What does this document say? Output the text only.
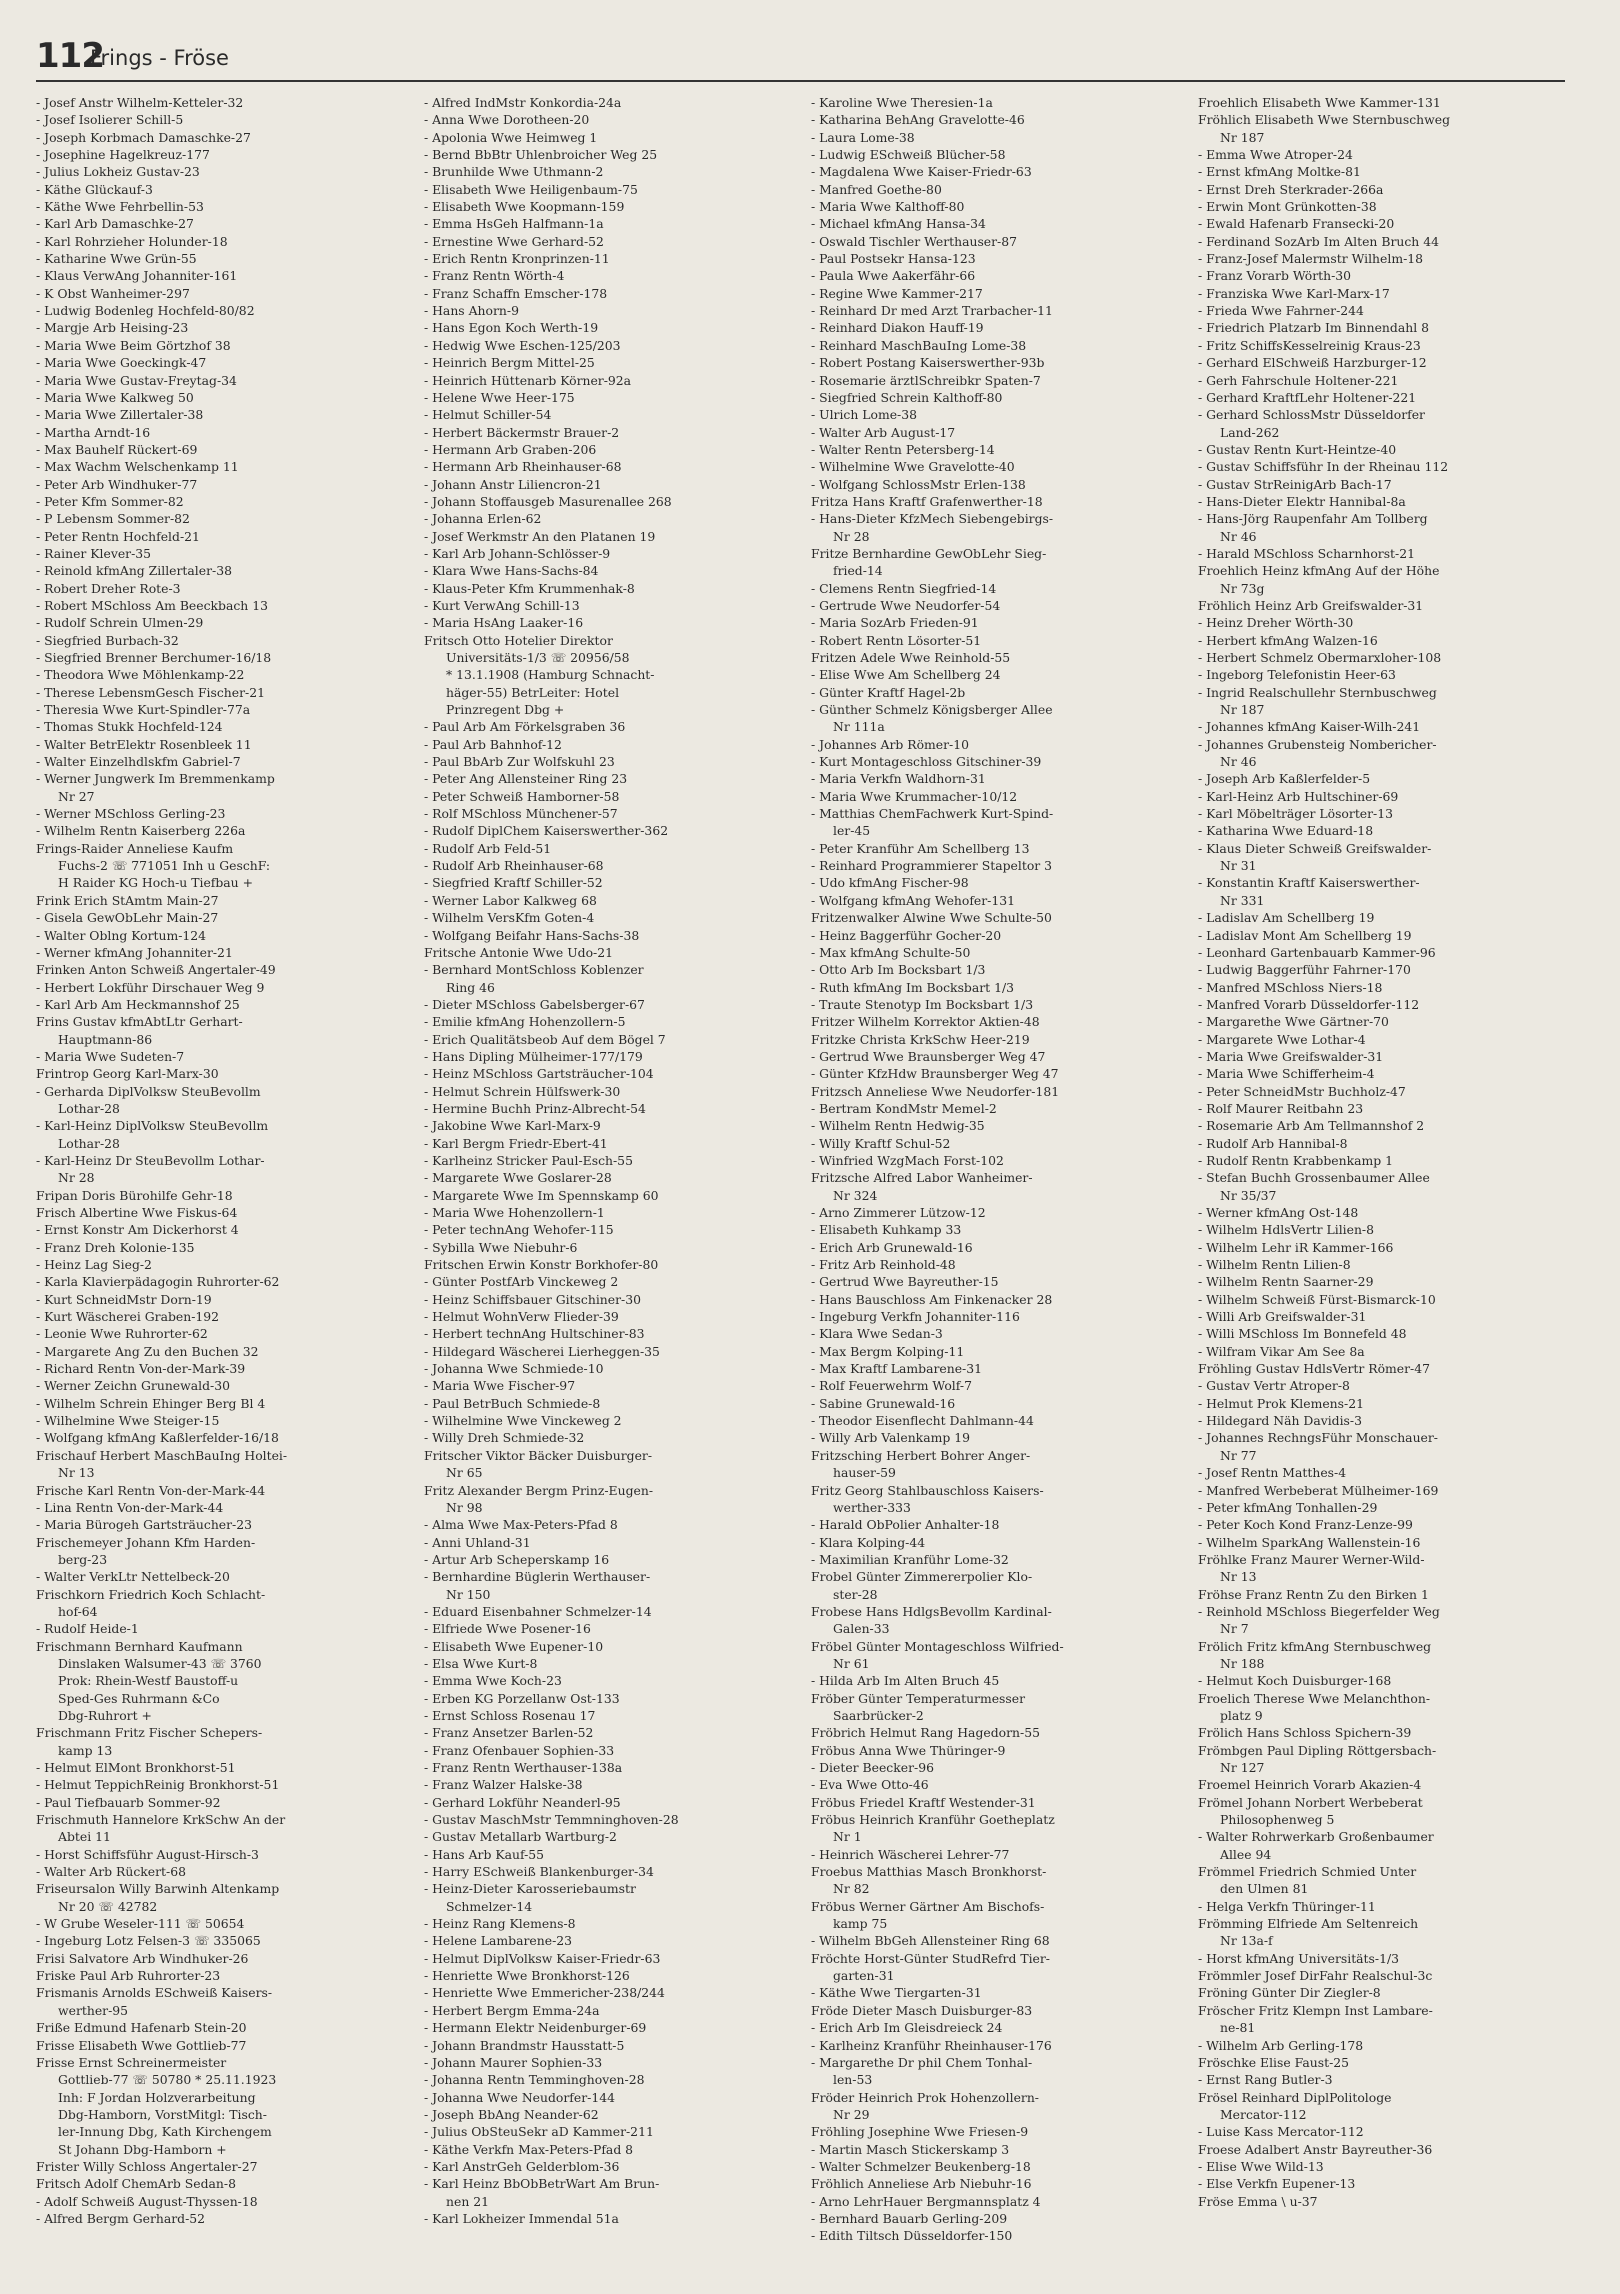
112
Frings - Fröse
- Josef Anstr Wilhelm-Ketteler-32
- Josef Isolierer Schill-5
- Joseph Korbmach Damaschke-27
- Josephine Hagelkreuz-177
- Julius Lokheiz Gustav-23
- Käthe Glückauf-3
- Käthe Wwe Fehrbellin-53
- Karl Arb Damaschke-27
- Karl Rohrzieher Holunder-18
- Katharine Wwe Grün-55
- Klaus VerwAng Johanniter-161
- K Obst Wanheimer-297
- Ludwig Bodenleg Hochfeld-80/82
- Margje Arb Heising-23
- Maria Wwe Beim Görtzhof 38
- Maria Wwe Goeckingk-47
- Maria Wwe Gustav-Freytag-34
- Maria Wwe Kalkweg 50
- Maria Wwe Zillertaler-38
- Martha Arndt-16
- Max Bauhelf Rückert-69
- Max Wachm Welschenkamp 11
- Peter Arb Windhuker-77
- Peter Kfm Sommer-82
- P Lebensm Sommer-82
- Peter Rentn Hochfeld-21
- Rainer Klever-35
- Reinold kfmAng Zillertaler-38
- Robert Dreher Rote-3
- Robert MSchloss Am Beeckbach 13
- Rudolf Schrein Ulmen-29
- Siegfried Burbach-32
- Siegfried Brenner Berchumer-16/18
- Theodora Wwe Möhlenkamp-22
- Therese LebensmGesch Fischer-21
- Theresia Wwe Kurt-Spindler-77a
- Thomas Stukk Hochfeld-124
- Walter BetrElektr Rosenbleek 11
- Walter Einzelhdlskfm Gabriel-7
- Werner Jungwerk Im Bremmenkamp
Nr 27
- Werner MSchloss Gerling-23
- Wilhelm Rentn Kaiserberg 226a
Frings-Raider Anneliese Kaufm
Fuchs-2 ☏ 771051 Inh u GeschF:
H Raider KG Hoch-u Tiefbau +
Frink Erich StAmtm Main-27
- Gisela GewObLehr Main-27
- Walter Oblng Kortum-124
- Werner kfmAng Johanniter-21
Frinken Anton Schweiß Angertaler-49
- Herbert Lokführ Dirschauer Weg 9
- Karl Arb Am Heckmannshof 25
Frins Gustav kfmAbtLtr Gerhart-
Hauptmann-86
- Maria Wwe Sudeten-7
Frintrop Georg Karl-Marx-30
- Gerharda DiplVolksw SteuBevollm
Lothar-28
- Karl-Heinz DiplVolksw SteuBevollm
Lothar-28
- Karl-Heinz Dr SteuBevollm Lothar-
Nr 28
Fripan Doris Bürohilfe Gehr-18
Frisch Albertine Wwe Fiskus-64
- Ernst Konstr Am Dickerhorst 4
- Franz Dreh Kolonie-135
- Heinz Lag Sieg-2
- Karla Klavierpädagogin Ruhrorter-62
- Kurt SchneidMstr Dorn-19
- Kurt Wäscherei Graben-192
- Leonie Wwe Ruhrorter-62
- Margarete Ang Zu den Buchen 32
- Richard Rentn Von-der-Mark-39
- Werner Zeichn Grunewald-30
- Wilhelm Schrein Ehinger Berg Bl 4
- Wilhelmine Wwe Steiger-15
- Wolfgang kfmAng Kaßlerfelder-16/18
Frischauf Herbert MaschBauIng Holtei-
Nr 13
Frische Karl Rentn Von-der-Mark-44
- Lina Rentn Von-der-Mark-44
- Maria Bürogeh Gartsträucher-23
Frischemeyer Johann Kfm Harden-
berg-23
- Walter VerkLtr Nettelbeck-20
Frischkorn Friedrich Koch Schlacht-
hof-64
- Rudolf Heide-1
Frischmann Bernhard Kaufmann
Dinslaken Walsumer-43 ☏ 3760
Prok: Rhein-Westf Baustoff-u
Sped-Ges Ruhrmann &Co
Dbg-Ruhrort +
Frischmann Fritz Fischer Schepers-
kamp 13
- Helmut ElMont Bronkhorst-51
- Helmut TeppichReinig Bronkhorst-51
- Paul Tiefbauarb Sommer-92
Frischmuth Hannelore KrkSchw An der
Abtei 11
- Horst Schiffsführ August-Hirsch-3
- Walter Arb Rückert-68
Friseursalon Willy Barwinh Altenkamp
Nr 20 ☏ 42782
- W Grube Weseler-111 ☏ 50654
- Ingeburg Lotz Felsen-3 ☏ 335065
Frisi Salvatore Arb Windhuker-26
Friske Paul Arb Ruhrorter-23
Frismanis Arnolds ESchweiß Kaisers-
werther-95
Friße Edmund Hafenarb Stein-20
Frisse Elisabeth Wwe Gottlieb-77
Frisse Ernst Schreinermeister
Gottlieb-77 ☏ 50780 * 25.11.1923
Inh: F Jordan Holzverarbeitung
Dbg-Hamborn, VorstMitgl: Tisch-
ler-Innung Dbg, Kath Kirchengem
St Johann Dbg-Hamborn +
Frister Willy Schloss Angertaler-27
Fritsch Adolf ChemArb Sedan-8
- Adolf Schweiß August-Thyssen-18
- Alfred Bergm Gerhard-52
- Alfred IndMstr Konkordia-24a
- Anna Wwe Dorotheen-20
- Apolonia Wwe Heimweg 1
- Bernd BbBtr Uhlenbroicher Weg 25
- Brunhilde Wwe Uthmann-2
- Elisabeth Wwe Heiligenbaum-75
- Elisabeth Wwe Koopmann-159
- Emma HsGeh Halfmann-1a
- Ernestine Wwe Gerhard-52
- Erich Rentn Kronprinzen-11
- Franz Rentn Wörth-4
- Franz Schaffn Emscher-178
- Hans Ahorn-9
- Hans Egon Koch Werth-19
- Hedwig Wwe Eschen-125/203
- Heinrich Bergm Mittel-25
- Heinrich Hüttenarb Körner-92a
- Helene Wwe Heer-175
- Helmut Schiller-54
- Herbert Bäckermstr Brauer-2
- Hermann Arb Graben-206
- Hermann Arb Rheinhauser-68
- Johann Anstr Liliencron-21
- Johann Stoffausgeb Masurenallee 268
- Johanna Erlen-62
- Josef Werkmstr An den Platanen 19
- Karl Arb Johann-Schlösser-9
- Klara Wwe Hans-Sachs-84
- Klaus-Peter Kfm Krummenhak-8
- Kurt VerwAng Schill-13
- Maria HsAng Laaker-16
Fritsch Otto Hotelier Direktor
Universitäts-1/3 ☏ 20956/58
* 13.1.1908 (Hamburg Schnacht-
häger-55) BetrLeiter: Hotel
Prinzregent Dbg +
- Paul Arb Am Förkelsgraben 36
- Paul Arb Bahnhof-12
- Paul BbArb Zur Wolfskuhl 23
- Peter Ang Allensteiner Ring 23
- Peter Schweiß Hamborner-58
- Rolf MSchloss Münchener-57
- Rudolf DiplChem Kaiserswerther-362
- Rudolf Arb Feld-51
- Rudolf Arb Rheinhauser-68
- Siegfried Kraftf Schiller-52
- Werner Labor Kalkweg 68
- Wilhelm VersKfm Goten-4
- Wolfgang Beifahr Hans-Sachs-38
Fritsche Antonie Wwe Udo-21
- Bernhard MontSchloss Koblenzer
Ring 46
- Dieter MSchloss Gabelsberger-67
- Emilie kfmAng Hohenzollern-5
- Erich Qualitätsbeob Auf dem Bögel 7
- Hans Dipling Mülheimer-177/179
- Heinz MSchloss Gartsträucher-104
- Helmut Schrein Hülfswerk-30
- Hermine Buchh Prinz-Albrecht-54
- Jakobine Wwe Karl-Marx-9
- Karl Bergm Friedr-Ebert-41
- Karlheinz Stricker Paul-Esch-55
- Margarete Wwe Goslarer-28
- Margarete Wwe Im Spennskamp 60
- Maria Wwe Hohenzollern-1
- Peter technAng Wehofer-115
- Sybilla Wwe Niebuhr-6
Fritschen Erwin Konstr Borkhofer-80
- Günter PostfArb Vinckeweg 2
- Heinz Schiffsbauer Gitschiner-30
- Helmut WohnVerw Flieder-39
- Herbert technAng Hultschiner-83
- Hildegard Wäscherei Lierheggen-35
- Johanna Wwe Schmiede-10
- Maria Wwe Fischer-97
- Paul BetrBuch Schmiede-8
- Wilhelmine Wwe Vinckeweg 2
- Willy Dreh Schmiede-32
Fritscher Viktor Bäcker Duisburger-
Nr 65
Fritz Alexander Bergm Prinz-Eugen-
Nr 98
- Alma Wwe Max-Peters-Pfad 8
- Anni Uhland-31
- Artur Arb Scheperskamp 16
- Bernhardine Büglerin Werthauser-
Nr 150
- Eduard Eisenbahner Schmelzer-14
- Elfriede Wwe Posener-16
- Elisabeth Wwe Eupener-10
- Elsa Wwe Kurt-8
- Emma Wwe Koch-23
- Erben KG Porzellanw Ost-133
- Ernst Schloss Rosenau 17
- Franz Ansetzer Barlen-52
- Franz Ofenbauer Sophien-33
- Franz Rentn Werthauser-138a
- Franz Walzer Halske-38
- Gerhard Lokführ Neanderl-95
- Gustav MaschMstr Temmninghoven-28
- Gustav Metallarb Wartburg-2
- Hans Arb Kauf-55
- Harry ESchweiß Blankenburger-34
- Heinz-Dieter Karosseriebaumstr
Schmelzer-14
- Heinz Rang Klemens-8
- Helene Lambarene-23
- Helmut DiplVolksw Kaiser-Friedr-63
- Henriette Wwe Bronkhorst-126
- Henriette Wwe Emmericher-238/244
- Herbert Bergm Emma-24a
- Hermann Elektr Neidenburger-69
- Johann Brandmstr Hausstatt-5
- Johann Maurer Sophien-33
- Johanna Rentn Temminghoven-28
- Johanna Wwe Neudorfer-144
- Joseph BbAng Neander-62
- Julius ObSteuSekr aD Kammer-211
- Käthe Verkfn Max-Peters-Pfad 8
- Karl AnstrGeh Gelderblom-36
- Karl Heinz BbObBetrWart Am Brun-
nen 21
- Karl Lokheizer Immendal 51a
- Karoline Wwe Theresien-1a
- Katharina BehAng Gravelotte-46
- Laura Lome-38
- Ludwig ESchweiß Blücher-58
- Magdalena Wwe Kaiser-Friedr-63
- Manfred Goethe-80
- Maria Wwe Kalthoff-80
- Michael kfmAng Hansa-34
- Oswald Tischler Werthauser-87
- Paul Postsekr Hansa-123
- Paula Wwe Aakerfähr-66
- Regine Wwe Kammer-217
- Reinhard Dr med Arzt Trarbacher-11
- Reinhard Diakon Hauff-19
- Reinhard MaschBauIng Lome-38
- Robert Postang Kaiserswerther-93b
- Rosemarie ärztlSchreibkr Spaten-7
- Siegfried Schrein Kalthoff-80
- Ulrich Lome-38
- Walter Arb August-17
- Walter Rentn Petersberg-14
- Wilhelmine Wwe Gravelotte-40
- Wolfgang SchlossMstr Erlen-138
Fritza Hans Kraftf Grafenwerther-18
- Hans-Dieter KfzMech Siebengebirgs-
Nr 28
Fritze Bernhardine GewObLehr Sieg-
fried-14
- Clemens Rentn Siegfried-14
- Gertrude Wwe Neudorfer-54
- Maria SozArb Frieden-91
- Robert Rentn Lösorter-51
Fritzen Adele Wwe Reinhold-55
- Elise Wwe Am Schellberg 24
- Günter Kraftf Hagel-2b
- Günther Schmelz Königsberger Allee
Nr 111a
- Johannes Arb Römer-10
- Kurt Montageschloss Gitschiner-39
- Maria Verkfn Waldhorn-31
- Maria Wwe Krummacher-10/12
- Matthias ChemFachwerk Kurt-Spind-
ler-45
- Peter Kranführ Am Schellberg 13
- Reinhard Programmierer Stapeltor 3
- Udo kfmAng Fischer-98
- Wolfgang kfmAng Wehofer-131
Fritzenwalker Alwine Wwe Schulte-50
- Heinz Baggerführ Gocher-20
- Max kfmAng Schulte-50
- Otto Arb Im Bocksbart 1/3
- Ruth kfmAng Im Bocksbart 1/3
- Traute Stenotyp Im Bocksbart 1/3
Fritzer Wilhelm Korrektor Aktien-48
Fritzke Christa KrkSchw Heer-219
- Gertrud Wwe Braunsberger Weg 47
- Günter KfzHdw Braunsberger Weg 47
Fritzsch Anneliese Wwe Neudorfer-181
- Bertram KondMstr Memel-2
- Wilhelm Rentn Hedwig-35
- Willy Kraftf Schul-52
- Winfried WzgMach Forst-102
Fritzsche Alfred Labor Wanheimer-
Nr 324
- Arno Zimmerer Lützow-12
- Elisabeth Kuhkamp 33
- Erich Arb Grunewald-16
- Fritz Arb Reinhold-48
- Gertrud Wwe Bayreuther-15
- Hans Bauschloss Am Finkenacker 28
- Ingeburg Verkfn Johanniter-116
- Klara Wwe Sedan-3
- Max Bergm Kolping-11
- Max Kraftf Lambarene-31
- Rolf Feuerwehrm Wolf-7
- Sabine Grunewald-16
- Theodor Eisenflecht Dahlmann-44
- Willy Arb Valenkamp 19
Fritzsching Herbert Bohrer Anger-
hauser-59
Fritz Georg Stahlbauschloss Kaisers-
werther-333
- Harald ObPolier Anhalter-18
- Klara Kolping-44
- Maximilian Kranführ Lome-32
Frobel Günter Zimmererpolier Klo-
ster-28
Frobese Hans HdlgsBevollm Kardinal-
Galen-33
Fröbel Günter Montageschloss Wilfried-
Nr 61
- Hilda Arb Im Alten Bruch 45
Fröber Günter Temperaturmesser
Saarbrücker-2
Fröbrich Helmut Rang Hagedorn-55
Fröbus Anna Wwe Thüringer-9
- Dieter Beecker-96
- Eva Wwe Otto-46
Fröbus Friedel Kraftf Westender-31
Fröbus Heinrich Kranführ Goetheplatz
Nr 1
- Heinrich Wäscherei Lehrer-77
Froebus Matthias Masch Bronkhorst-
Nr 82
Fröbus Werner Gärtner Am Bischofs-
kamp 75
- Wilhelm BbGeh Allensteiner Ring 68
Fröchte Horst-Günter StudRefrd Tier-
garten-31
- Käthe Wwe Tiergarten-31
Fröde Dieter Masch Duisburger-83
- Erich Arb Im Gleisdreieck 24
- Karlheinz Kranführ Rheinhauser-176
- Margarethe Dr phil Chem Tonhal-
len-53
Fröder Heinrich Prok Hohenzollern-
Nr 29
Fröhling Josephine Wwe Friesen-9
- Martin Masch Stickerskamp 3
- Walter Schmelzer Beukenberg-18
Fröhlich Anneliese Arb Niebuhr-16
- Arno LehrHauer Bergmannsplatz 4
- Bernhard Bauarb Gerling-209
- Edith Tiltsch Düsseldorfer-150
Froehlich Elisabeth Wwe Kammer-131
Fröhlich Elisabeth Wwe Sternbuschweg
Nr 187
- Emma Wwe Atroper-24
- Ernst kfmAng Moltke-81
- Ernst Dreh Sterkrader-266a
- Erwin Mont Grünkotten-38
- Ewald Hafenarb Fransecki-20
- Ferdinand SozArb Im Alten Bruch 44
- Franz-Josef Malermstr Wilhelm-18
- Franz Vorarb Wörth-30
- Franziska Wwe Karl-Marx-17
- Frieda Wwe Fahrner-244
- Friedrich Platzarb Im Binnendahl 8
- Fritz SchiffsKesselreinig Kraus-23
- Gerhard ElSchweiß Harzburger-12
- Gerh Fahrschule Holtener-221
- Gerhard KraftfLehr Holtener-221
- Gerhard SchlossMstr Düsseldorfer
Land-262
- Gustav Rentn Kurt-Heintze-40
- Gustav Schiffsführ In der Rheinau 112
- Gustav StrReinigArb Bach-17
- Hans-Dieter Elektr Hannibal-8a
- Hans-Jörg Raupenfahr Am Tollberg
Nr 46
- Harald MSchloss Scharnhorst-21
Froehlich Heinz kfmAng Auf der Höhe
Nr 73g
Fröhlich Heinz Arb Greifswalder-31
- Heinz Dreher Wörth-30
- Herbert kfmAng Walzen-16
- Herbert Schmelz Obermarxloher-108
- Ingeborg Telefonistin Heer-63
- Ingrid Realschullehr Sternbuschweg
Nr 187
- Johannes kfmAng Kaiser-Wilh-241
- Johannes Grubensteig Nombericher-
Nr 46
- Joseph Arb Kaßlerfelder-5
- Karl-Heinz Arb Hultschiner-69
- Karl Möbelträger Lösorter-13
- Katharina Wwe Eduard-18
- Klaus Dieter Schweiß Greifswalder-
Nr 31
- Konstantin Kraftf Kaiserswerther-
Nr 331
- Ladislav Am Schellberg 19
- Ladislav Mont Am Schellberg 19
- Leonhard Gartenbauarb Kammer-96
- Ludwig Baggerführ Fahrner-170
- Manfred MSchloss Niers-18
- Manfred Vorarb Düsseldorfer-112
- Margarethe Wwe Gärtner-70
- Margarete Wwe Lothar-4
- Maria Wwe Greifswalder-31
- Maria Wwe Schifferheim-4
- Peter SchneidMstr Buchholz-47
- Rolf Maurer Reitbahn 23
- Rosemarie Arb Am Tellmannshof 2
- Rudolf Arb Hannibal-8
- Rudolf Rentn Krabbenkamp 1
- Stefan Buchh Grossenbaumer Allee
Nr 35/37
- Werner kfmAng Ost-148
- Wilhelm HdlsVertr Lilien-8
- Wilhelm Lehr iR Kammer-166
- Wilhelm Rentn Lilien-8
- Wilhelm Rentn Saarner-29
- Wilhelm Schweiß Fürst-Bismarck-10
- Willi Arb Greifswalder-31
- Willi MSchloss Im Bonnefeld 48
- Wilfram Vikar Am See 8a
Fröhling Gustav HdlsVertr Römer-47
- Gustav Vertr Atroper-8
- Helmut Prok Klemens-21
- Hildegard Näh Davidis-3
- Johannes RechngsFühr Monschauer-
Nr 77
- Josef Rentn Matthes-4
- Manfred Werbeberat Mülheimer-169
- Peter kfmAng Tonhallen-29
- Peter Koch Kond Franz-Lenze-99
- Wilhelm SparkAng Wallenstein-16
Fröhlke Franz Maurer Werner-Wild-
Nr 13
Fröhse Franz Rentn Zu den Birken 1
- Reinhold MSchloss Biegerfelder Weg
Nr 7
Frölich Fritz kfmAng Sternbuschweg
Nr 188
- Helmut Koch Duisburger-168
Froelich Therese Wwe Melanchthon-
platz 9
Frölich Hans Schloss Spichern-39
Frömbgen Paul Dipling Röttgersbach-
Nr 127
Froemel Heinrich Vorarb Akazien-4
Frömel Johann Norbert Werbeberat
Philosophenweg 5
- Walter Rohrwerkarb Großenbaumer
Allee 94
Frömmel Friedrich Schmied Unter
den Ulmen 81
- Helga Verkfn Thüringer-11
Frömming Elfriede Am Seltenreich
Nr 13a-f
- Horst kfmAng Universitäts-1/3
Frömmler Josef DirFahr Realschul-3c
Fröning Günter Dir Ziegler-8
Fröscher Fritz Klempn Inst Lambare-
ne-81
- Wilhelm Arb Gerling-178
Fröschke Elise Faust-25
- Ernst Rang Butler-3
Frösel Reinhard DiplPolitologe
Mercator-112
- Luise Kass Mercator-112
Froese Adalbert Anstr Bayreuther-36
- Elise Wwe Wild-13
- Else Verkfn Eupener-13
Fröse Emma \ u-37
